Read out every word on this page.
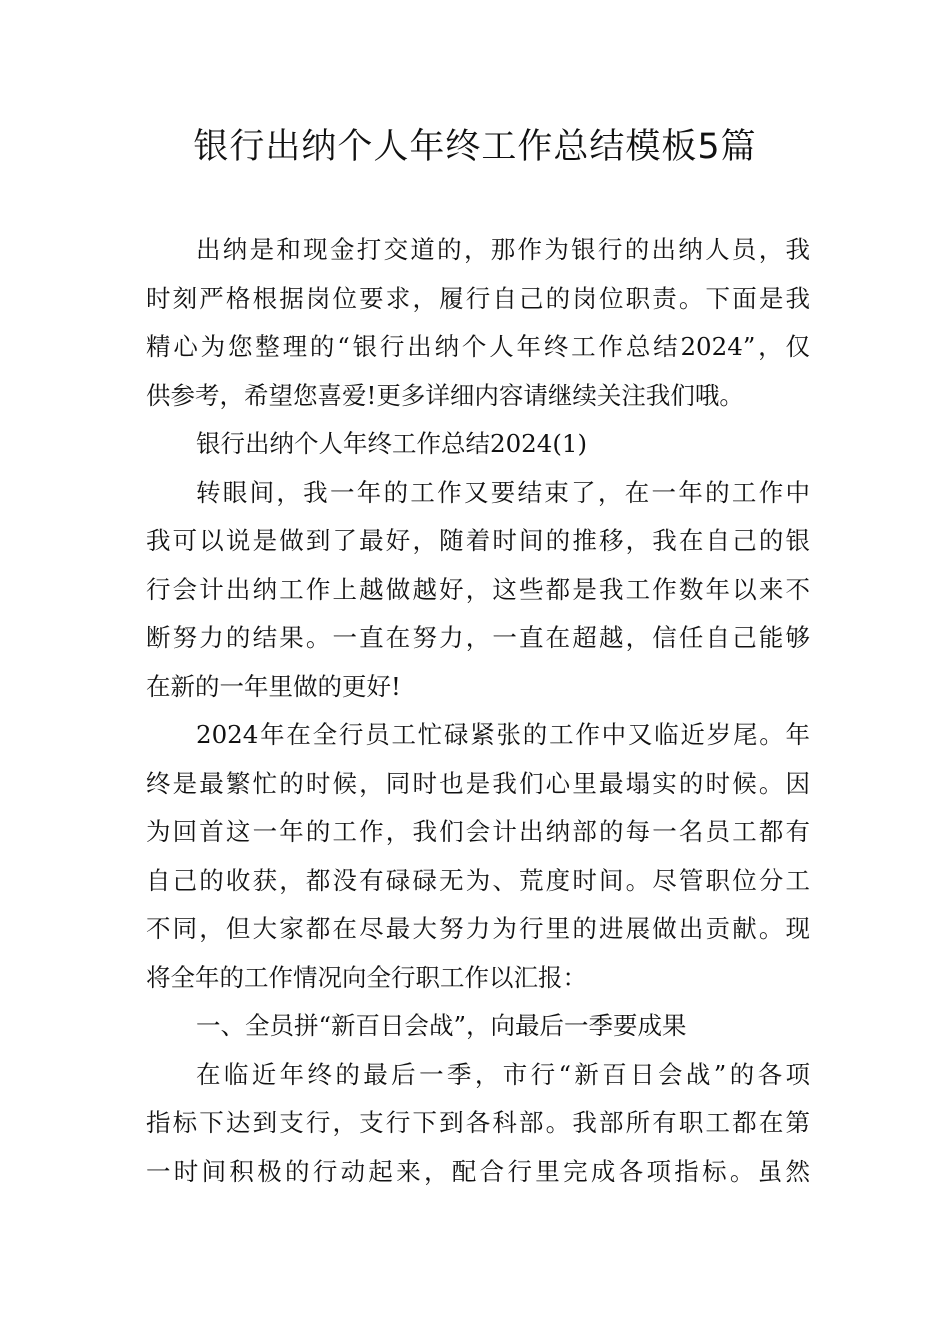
银行出纳个人年终工作总结模板5篇
出纳是和现金打交道的，那作为银行的出纳人员，我
时刻严格根据岗位要求，履行自己的岗位职责。下面是我
精心为您整理的“银行出纳个人年终工作总结2024”，仅
供参考，希望您喜爱!更多详细内容请继续关注我们哦。
银行出纳个人年终工作总结2024(1)
转眼间，我一年的工作又要结束了，在一年的工作中
我可以说是做到了最好，随着时间的推移，我在自己的银
行会计出纳工作上越做越好，这些都是我工作数年以来不
断努力的结果。一直在努力，一直在超越，信任自己能够
在新的一年里做的更好!
2024年在全行员工忙碌紧张的工作中又临近岁尾。年
终是最繁忙的时候，同时也是我们心里最塌实的时候。因
为回首这一年的工作，我们会计出纳部的每一名员工都有
自己的收获，都没有碌碌无为、荒度时间。尽管职位分工
不同，但大家都在尽最大努力为行里的进展做出贡献。现
将全年的工作情况向全行职工作以汇报：
一、全员拼“新百日会战”，向最后一季要成果
在临近年终的最后一季，市行“新百日会战”的各项
指标下达到支行，支行下到各科部。我部所有职工都在第
一时间积极的行动起来，配合行里完成各项指标。虽然
